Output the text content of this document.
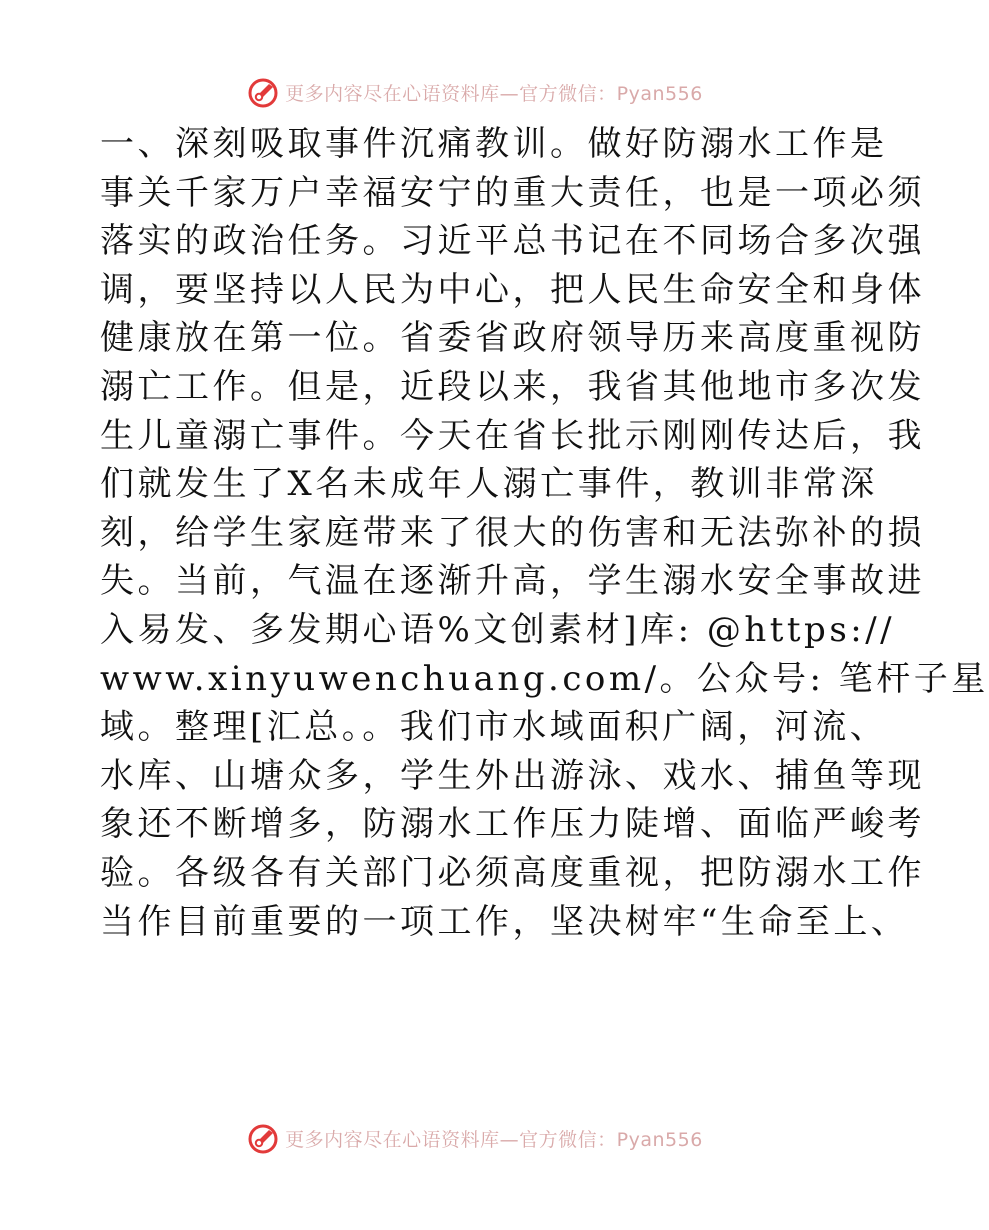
更多内容尽在心语资料库—官方微信：Pyan556
一、深刻吸取事件沉痛教训。做好防溺水工作是
事关千家万户幸福安宁的重大责任，也是一项必须
落实的政治任务。习近平总书记在不同场合多次强
调，要坚持以人民为中心，把人民生命安全和身体
健康放在第一位。省委省政府领导历来高度重视防
溺亡工作。但是，近段以来，我省其他地市多次发
生儿童溺亡事件。今天在省长批示刚刚传达后，我
们就发生了X名未成年人溺亡事件，教训非常深
刻，给学生家庭带来了很大的伤害和无法弥补的损
失。当前，气温在逐渐升高，学生溺水安全事故进
入易发、多发期心语%文创素材]库: @https://
www.xinyuwenchuang.com/。公众号: 笔杆子星
域。整理[汇总。。我们市水域面积广阔，河流、
水库、山塘众多，学生外出游泳、戏水、捕鱼等现
象还不断增多，防溺水工作压力陡增、面临严峻考
验。各级各有关部门必须高度重视，把防溺水工作
当作目前重要的一项工作，坚决树牢“生命至上、
更多内容尽在心语资料库—官方微信：Pyan556
